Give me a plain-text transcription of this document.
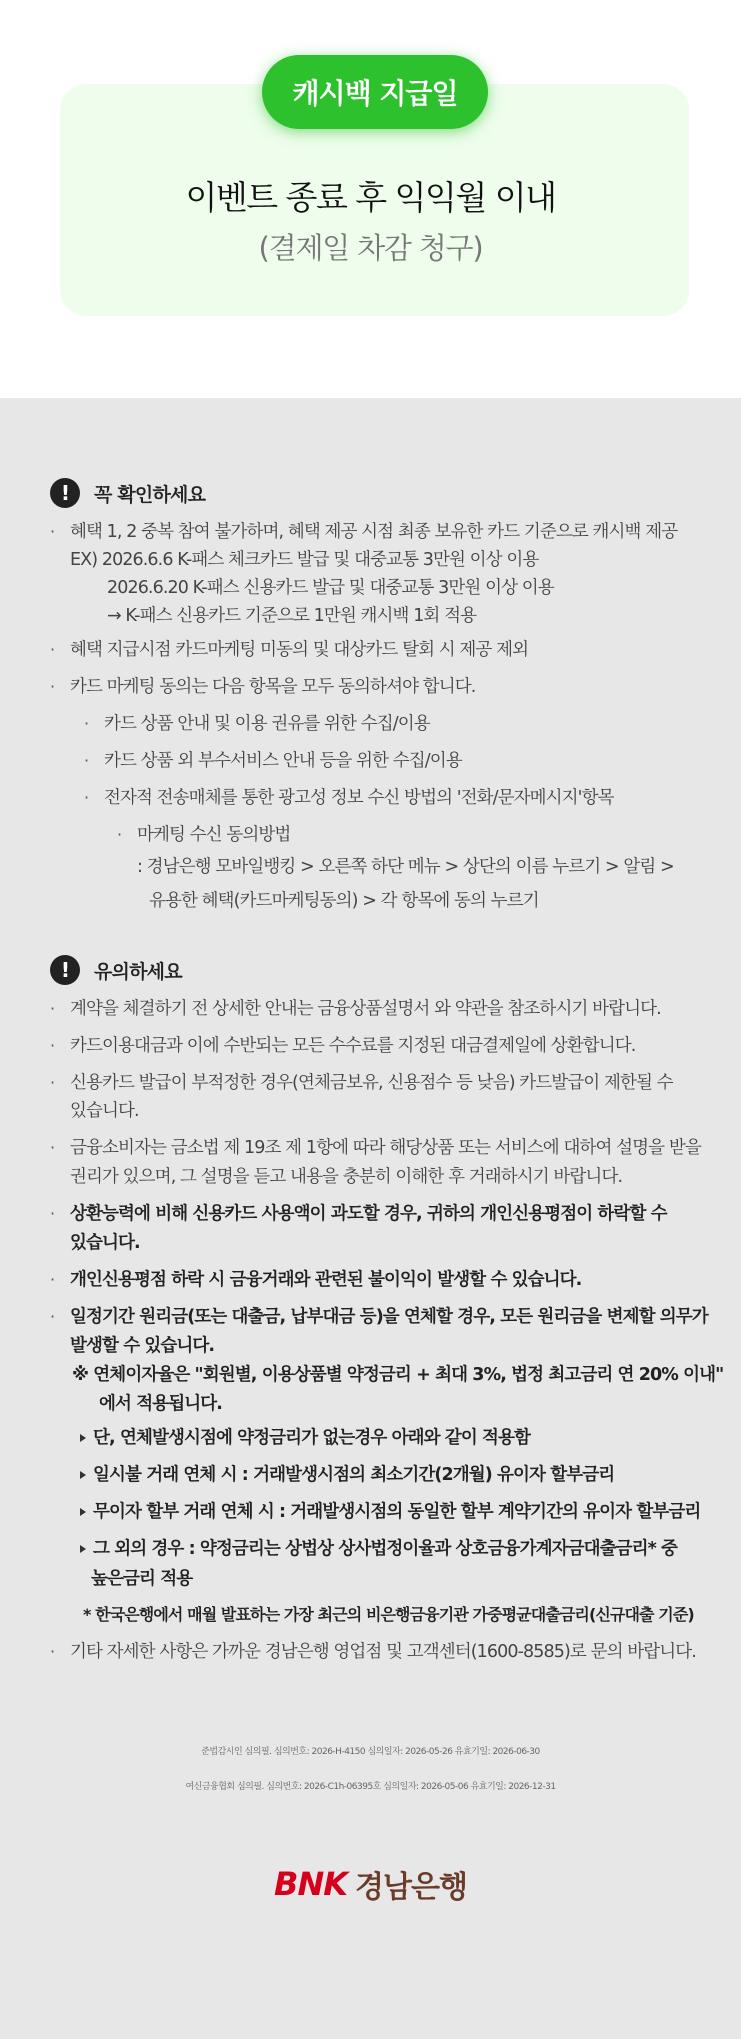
캐시백 지급일
이벤트 종료 후 익익월 이내
(결제일 차감 청구)
!	꼭 확인하세요
· 혜택 1, 2 중복 참여 불가하며, 혜택 제공 시점 최종 보유한 카드 기준으로 캐시백 제공
EX) 2026.6.6 K-패스 체크카드 발급 및 대중교통 3만원 이상 이용
2026.6.20 K-패스 신용카드 발급 및 대중교통 3만원 이상 이용
→ K-패스 신용카드 기준으로 1만원 캐시백 1회 적용
· 혜택 지급시점 카드마케팅 미동의 및 대상카드 탈회 시 제공 제외
· 카드 마케팅 동의는 다음 항목을 모두 동의하셔야 합니다.
· 카드 상품 안내 및 이용 권유를 위한 수집/이용
· 카드 상품 외 부수서비스 안내 등을 위한 수집/이용
· 전자적 전송매체를 통한 광고성 정보 수신 방법의 '전화/문자메시지'항목
· 마케팅 수신 동의방법
: 경남은행 모바일뱅킹 > 오른쪽 하단 메뉴 > 상단의 이름 누르기 > 알림 >
유용한 혜택(카드마케팅동의) > 각 항목에 동의 누르기
!	유의하세요
· 계약을 체결하기 전 상세한 안내는 금융상품설명서 와 약관을 참조하시기 바랍니다.
· 카드이용대금과 이에 수반되는 모든 수수료를 지정된 대금결제일에 상환합니다.
· 신용카드 발급이 부적정한 경우(연체금보유, 신용점수 등 낮음) 카드발급이 제한될 수
있습니다.
· 금융소비자는 금소법 제 19조 제 1항에 따라 해당상품 또는 서비스에 대하여 설명을 받을
권리가 있으며, 그 설명을 듣고 내용을 충분히 이해한 후 거래하시기 바랍니다.
· 상환능력에 비해 신용카드 사용액이 과도할 경우, 귀하의 개인신용평점이 하락할 수
있습니다.
· 개인신용평점 하락 시 금융거래와 관련된 불이익이 발생할 수 있습니다.
· 일정기간 원리금(또는 대출금, 납부대금 등)을 연체할 경우, 모든 원리금을 변제할 의무가
발생할 수 있습니다.
※ 연체이자율은 "회원별, 이용상품별 약정금리 + 최대 3%, 법정 최고금리 연 20% 이내"
에서 적용됩니다.
단, 연체발생시점에 약정금리가 없는경우 아래와 같이 적용함
일시불 거래 연체 시 : 거래발생시점의 최소기간(2개월) 유이자 할부금리
무이자 할부 거래 연체 시 : 거래발생시점의 동일한 할부 계약기간의 유이자 할부금리
그 외의 경우 : 약정금리는 상법상 상사법정이율과 상호금융가계자금대출금리* 중
높은금리 적용
* 한국은행에서 매월 발표하는 가장 최근의 비은행금융기관 가중평균대출금리(신규대출 기준)
· 기타 자세한 사항은 가까운 경남은행 영업점 및 고객센터(1600-8585)로 문의 바랍니다.
준법감시인 심의필. 심의번호: 2026-H-4150 심의일자: 2026-05-26 유효기일: 2026-06-30
여신금융협회 심의필. 심의번호: 2026-C1h-06395호 심의일자: 2026-05-06 유효기일: 2026-12-31
BNK 경남은행
